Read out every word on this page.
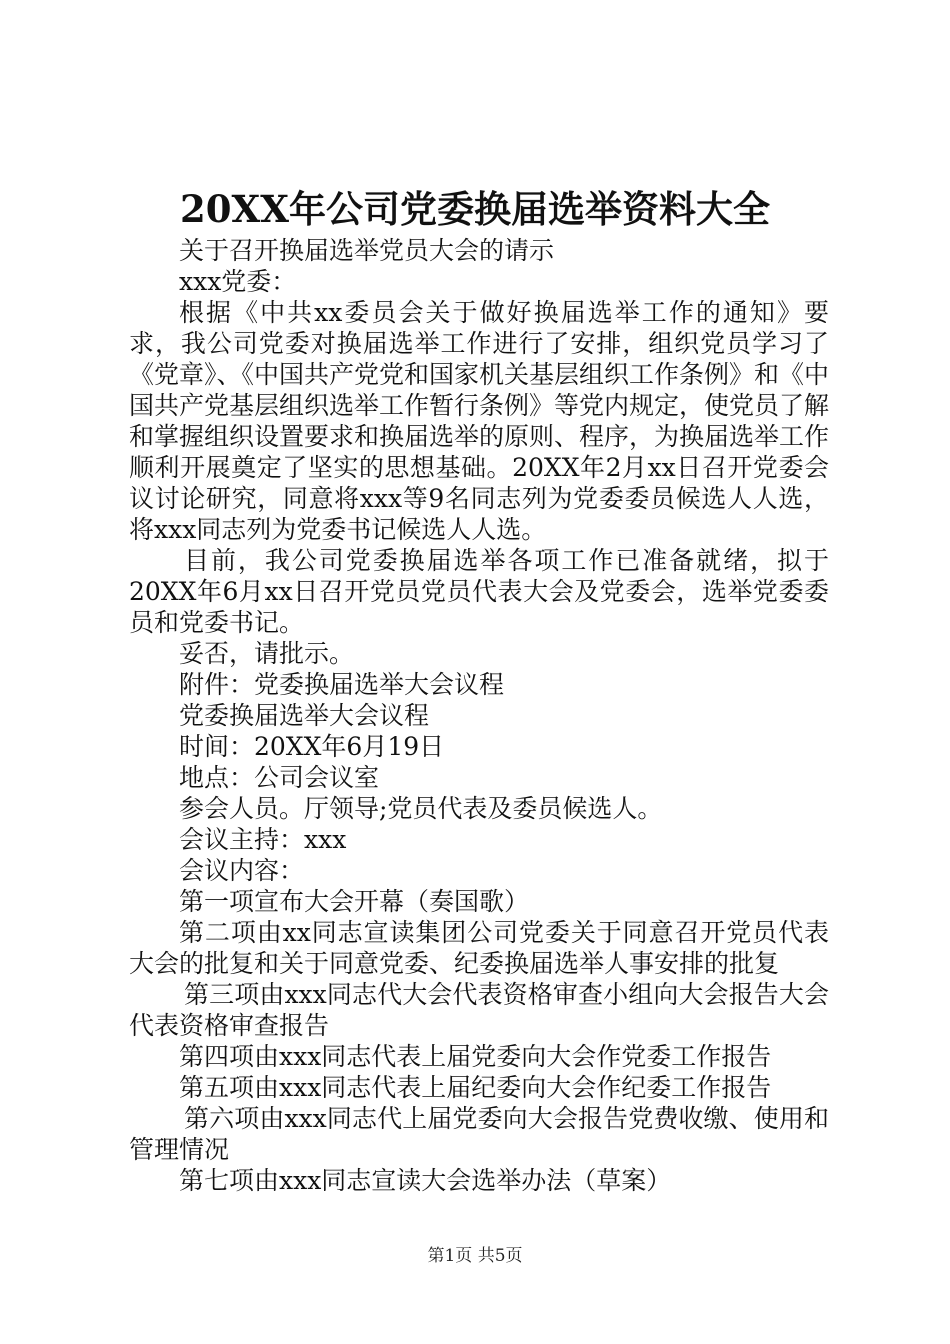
20XX年公司党委换届选举资料大全

关于召开换届选举党员大会的请示

xxx党委：

根据《中共xx委员会关于做好换届选举工作的通知》要求，我公司党委对换届选举工作进行了安排，组织党员学习了《党章》、《中国共产党党和国家机关基层组织工作条例》和《中国共产党基层组织选举工作暂行条例》等党内规定，使党员了解和掌握组织设置要求和换届选举的原则、程序，为换届选举工作顺利开展奠定了坚实的思想基础。20XX年2月xx日召开党委会议讨论研究，同意将xxx等9名同志列为党委委员候选人人选，将xxx同志列为党委书记候选人人选。

目前，我公司党委换届选举各项工作已准备就绪，拟于20XX年6月xx日召开党员党员代表大会及党委会，选举党委委员和党委书记。

妥否，请批示。

附件：党委换届选举大会议程

党委换届选举大会议程

时间：20XX年6月19日

地点：公司会议室

参会人员。厅领导;党员代表及委员候选人。

会议主持：xxx

会议内容：

第一项宣布大会开幕（奏国歌）

第二项由xx同志宣读集团公司党委关于同意召开党员代表大会的批复和关于同意党委、纪委换届选举人事安排的批复

第三项由xxx同志代大会代表资格审查小组向大会报告大会代表资格审查报告

第四项由xxx同志代表上届党委向大会作党委工作报告

第五项由xxx同志代表上届纪委向大会作纪委工作报告

第六项由xxx同志代上届党委向大会报告党费收缴、使用和管理情况

第七项由xxx同志宣读大会选举办法（草案）

第1页 共5页
